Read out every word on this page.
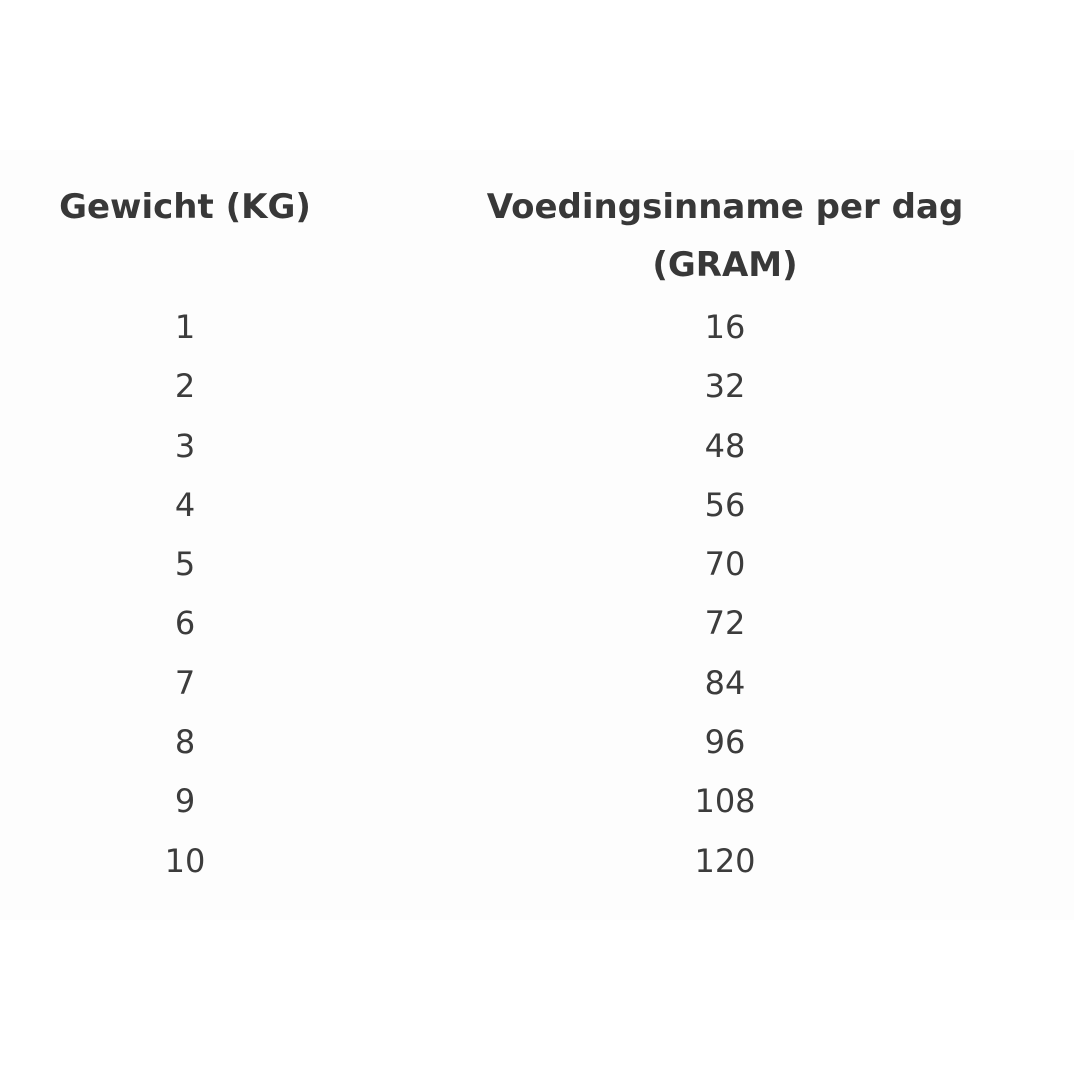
Gewicht (KG)	Voedingsinname per dag (GRAM)
1
2
3
4
5
6
7
8
9
10
16
32
48
56
70
72
84
96
108
120
